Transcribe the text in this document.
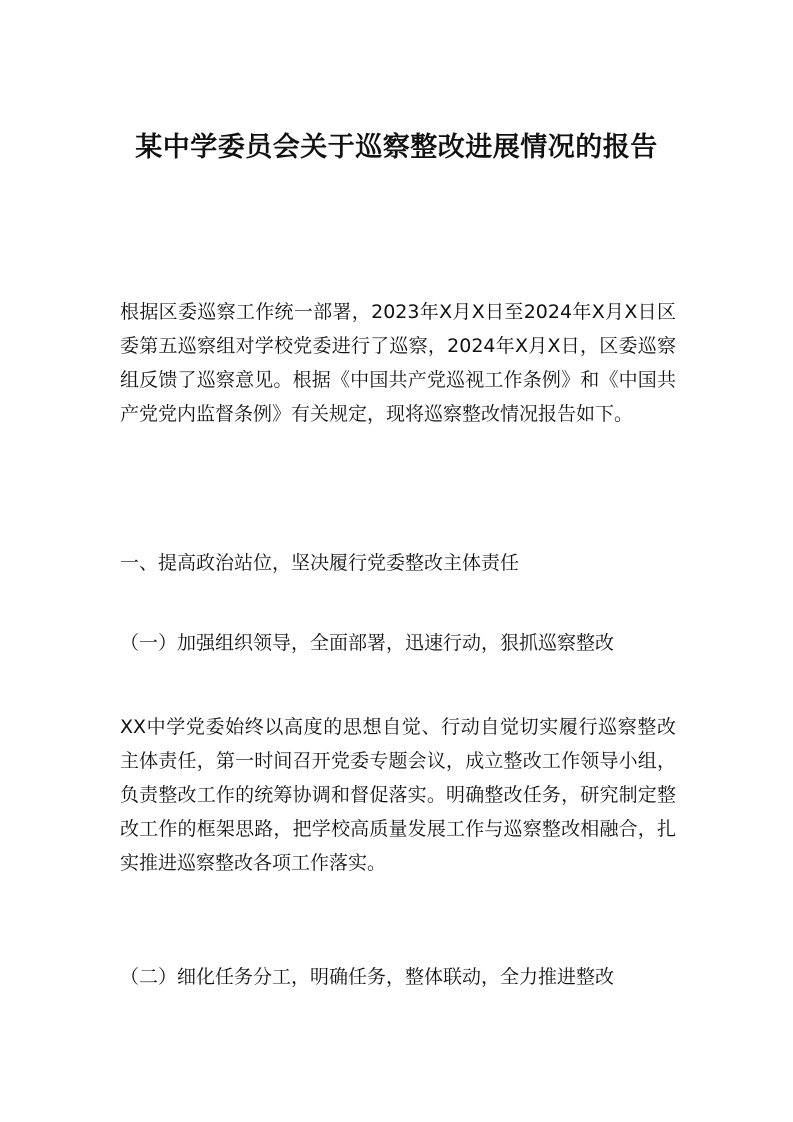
某中学委员会关于巡察整改进展情况的报告

根据区委巡察工作统一部署，2023年X月X日至2024年X月X日区委第五巡察组对学校党委进行了巡察，2024年X月X日，区委巡察组反馈了巡察意见。根据《中国共产党巡视工作条例》和《中国共产党党内监督条例》有关规定，现将巡察整改情况报告如下。

一、提高政治站位，坚决履行党委整改主体责任

（一）加强组织领导，全面部署，迅速行动，狠抓巡察整改

XX中学党委始终以高度的思想自觉、行动自觉切实履行巡察整改主体责任，第一时间召开党委专题会议，成立整改工作领导小组，负责整改工作的统筹协调和督促落实。明确整改任务，研究制定整改工作的框架思路，把学校高质量发展工作与巡察整改相融合，扎实推进巡察整改各项工作落实。

（二）细化任务分工，明确任务，整体联动，全力推进整改
